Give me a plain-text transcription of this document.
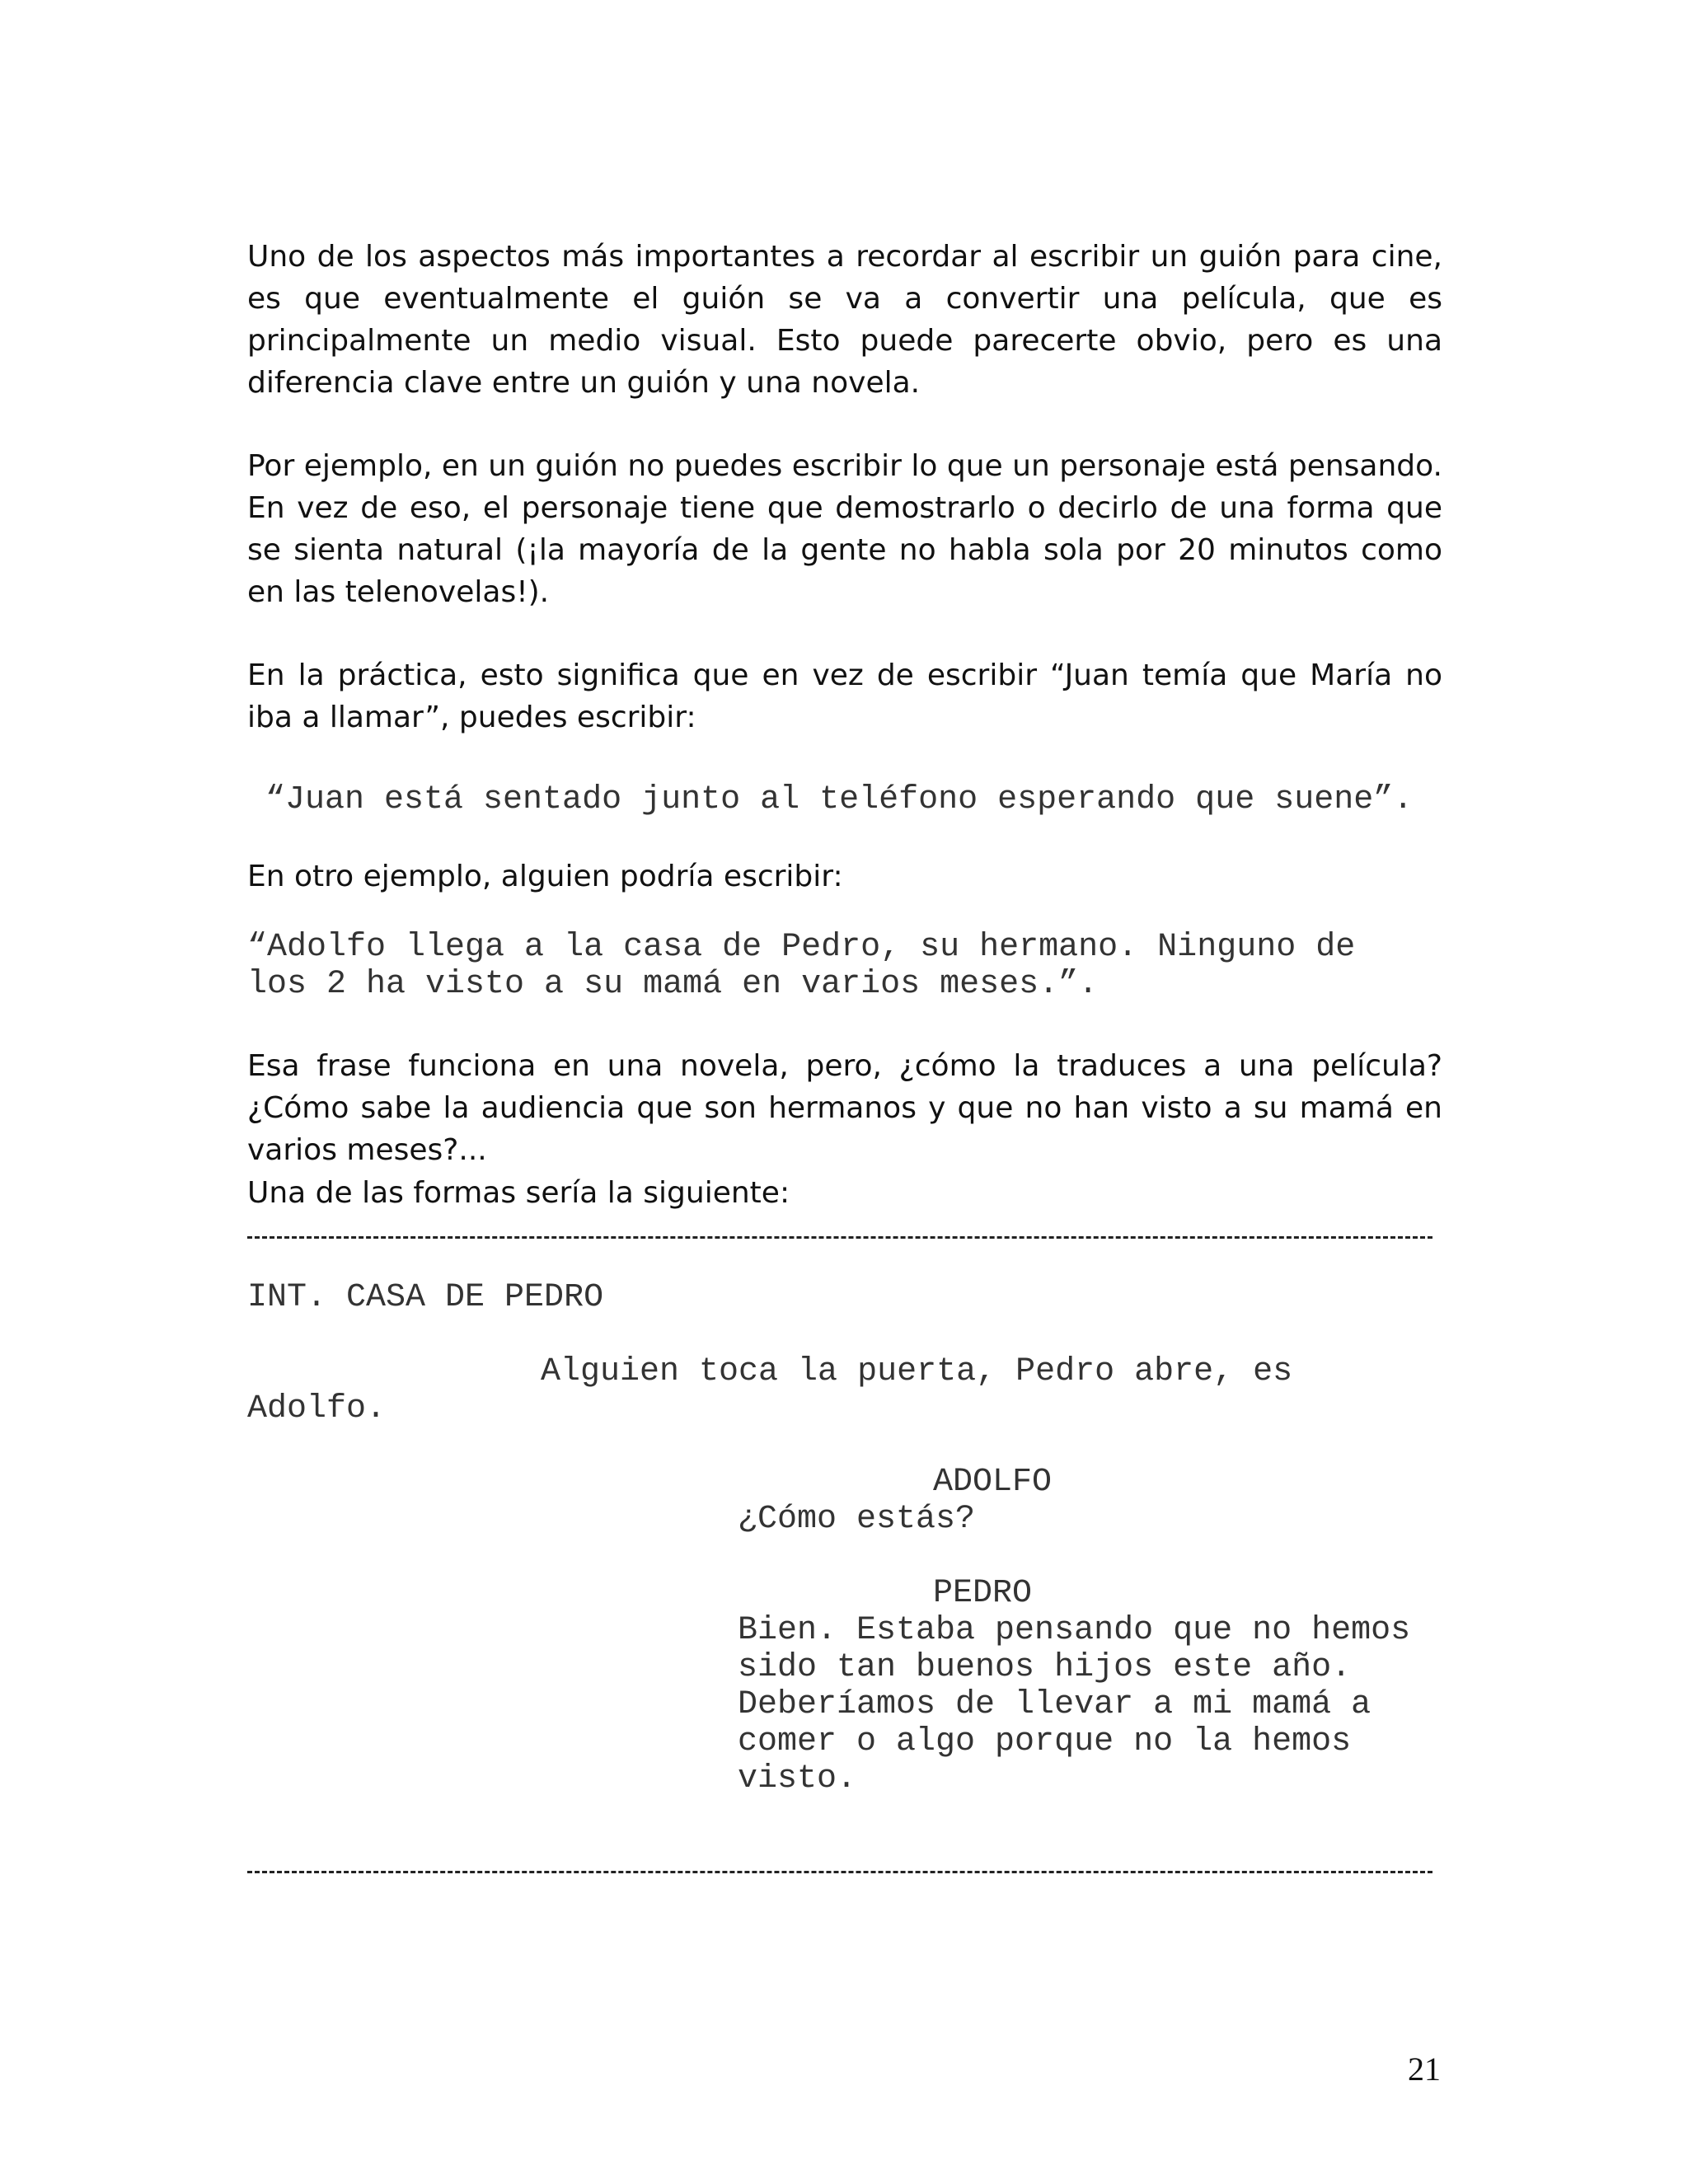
Uno de los aspectos más importantes a recordar al escribir un guión para cine, es que eventualmente el guión se va a convertir una película, que es principalmente un medio visual. Esto puede parecerte obvio, pero es una diferencia clave entre un guión y una novela.

Por ejemplo, en un guión no puedes escribir lo que un personaje está pensando. En vez de eso, el personaje tiene que demostrarlo o decirlo de una forma que se sienta natural (¡la mayoría de la gente no habla sola por 20 minutos como en las telenovelas!).

En la práctica, esto significa que en vez de escribir “Juan temía que María no iba a llamar”, puedes escribir:

“Juan está sentado junto al teléfono esperando que suene”.

En otro ejemplo, alguien podría escribir:

“Adolfo llega a la casa de Pedro, su hermano. Ninguno de los 2 ha visto a su mamá en varios meses.”.

Esa frase funciona en una novela, pero, ¿cómo la traduces a una película? ¿Cómo sabe la audiencia que son hermanos y que no han visto a su mamá en varios meses?...

Una de las formas sería la siguiente:

INT. CASA DE PEDRO

Alguien toca la puerta, Pedro abre, es

Adolfo.

ADOLFO

¿Cómo estás?

PEDRO

Bien. Estaba pensando que no hemos
sido tan buenos hijos este año.
Deberíamos de llevar a mi mamá a
comer o algo porque no la hemos
visto.

21
